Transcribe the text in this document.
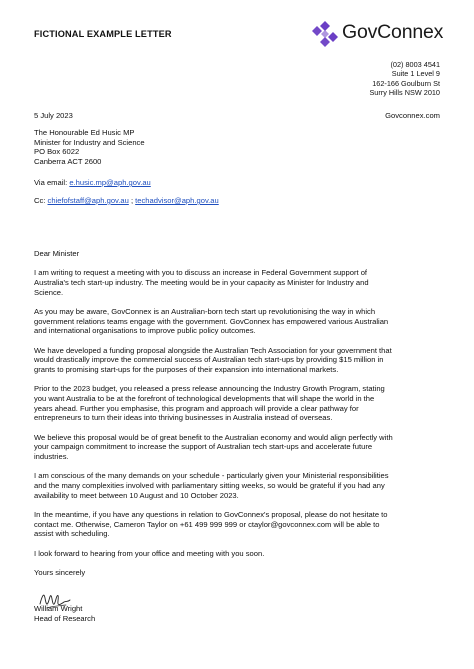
FICTIONAL EXAMPLE LETTER	GovConnex
(02) 8003 4541
Suite 1 Level 9
162-166 Goulburn St
Surry Hills NSW 2010
Govconnex.com
5 July 2023
The Honourable Ed Husic MP
Minister for Industry and Science
PO Box 6022
Canberra ACT 2600
Via email: e.husic.mp@aph.gov.au
Cc: chiefofstaff@aph.gov.au ; techadvisor@aph.gov.au
Dear Minister
I am writing to request a meeting with you to discuss an increase in Federal Government support of
Australia's tech start-up industry. The meeting would be in your capacity as Minister for Industry and
Science.
As you may be aware, GovConnex is an Australian-born tech start up revolutionising the way in which
government relations teams engage with the government. GovConnex has empowered various Australian
and international organisations to improve public policy outcomes.
We have developed a funding proposal alongside the Australian Tech Association for your government that
would drastically improve the commercial success of Australian tech start-ups by providing $15 million in
grants to promising start-ups for the purposes of their expansion into international markets.
Prior to the 2023 budget, you released a press release announcing the Industry Growth Program, stating
you want Australia to be at the forefront of technological developments that will shape the world in the
years ahead. Further you emphasise, this program and approach will provide a clear pathway for
entrepreneurs to turn their ideas into thriving businesses in Australia instead of overseas.
We believe this proposal would be of great benefit to the Australian economy and would align perfectly with
your campaign commitment to increase the support of Australian tech start-ups and accelerate future
industries.
I am conscious of the many demands on your schedule - particularly given your Ministerial responsibilities
and the many complexities involved with parliamentary sitting weeks, so would be grateful if you had any
availability to meet between 10 August and 10 October 2023.
In the meantime, if you have any questions in relation to GovConnex's proposal, please do not hesitate to
contact me. Otherwise, Cameron Taylor on +61 499 999 999 or ctaylor@govconnex.com will be able to
assist with scheduling.
I look forward to hearing from your office and meeting with you soon.
Yours sincerely
William Wright
Head of Research
